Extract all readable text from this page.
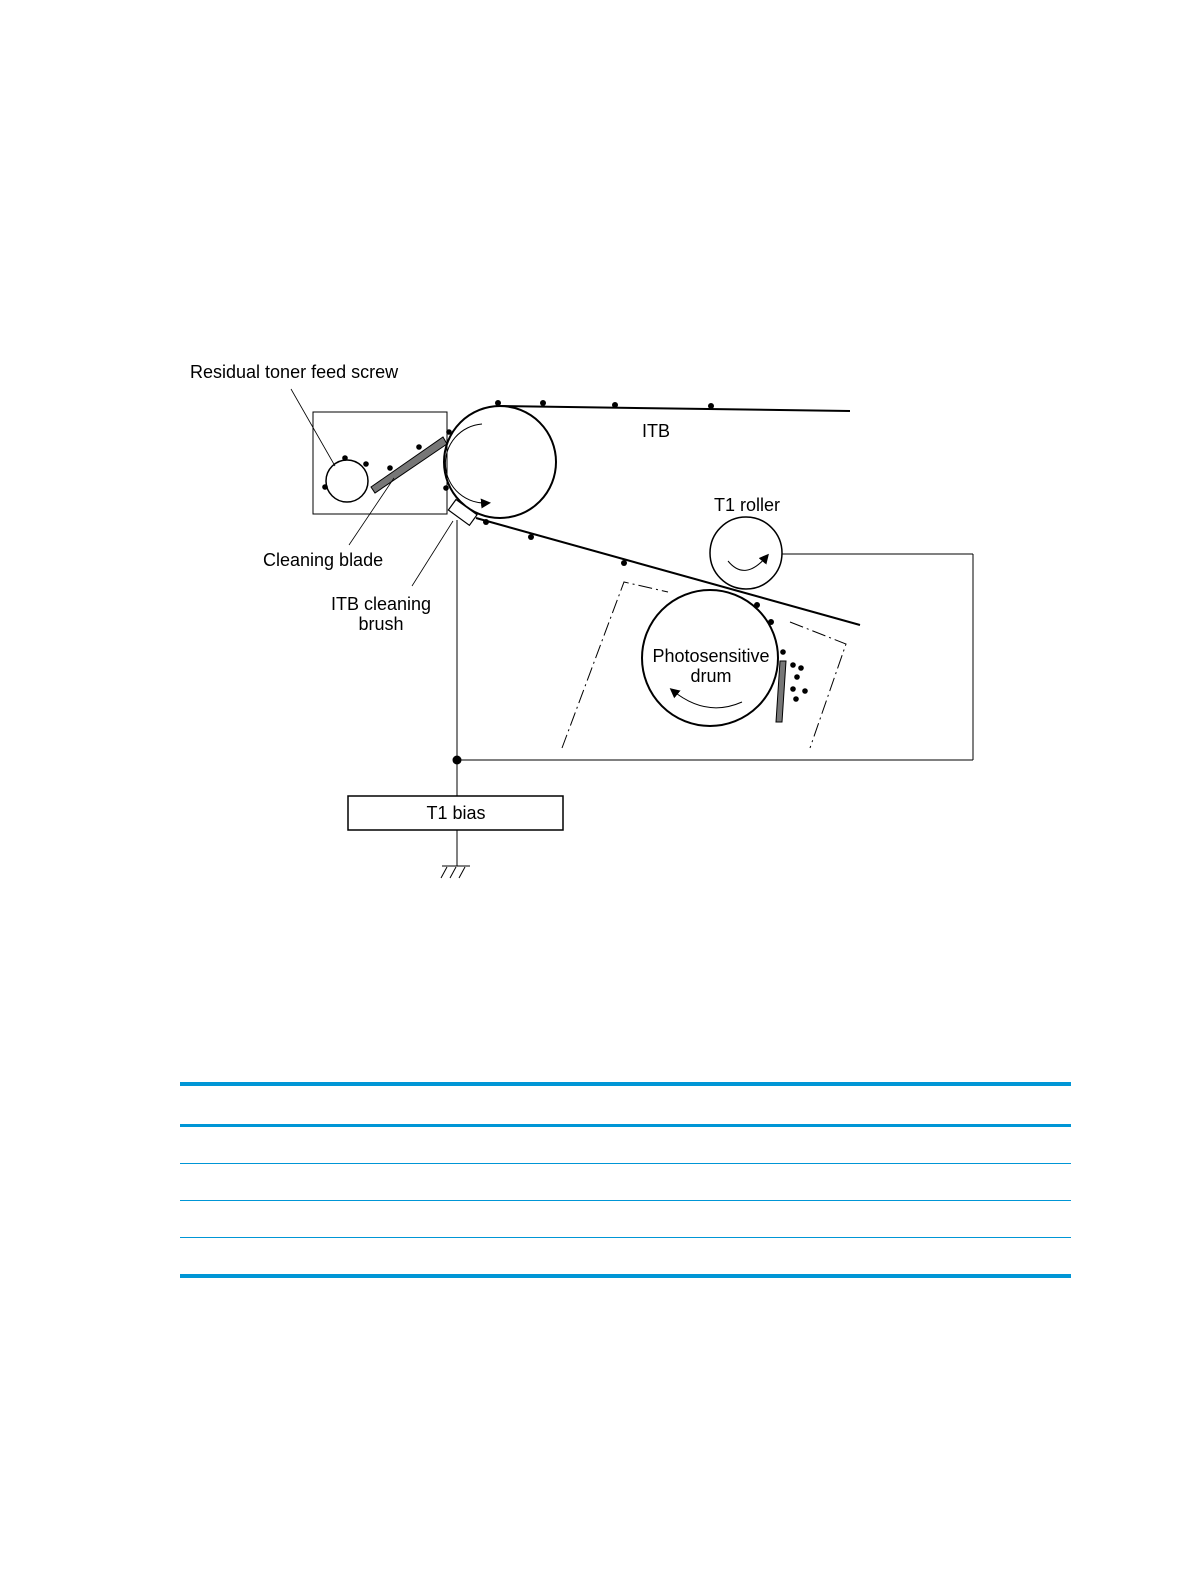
Residual toner feed screw
ITB
T1 roller
Cleaning blade
ITB cleaning
brush
Photosensitive
drum
T1 bias
